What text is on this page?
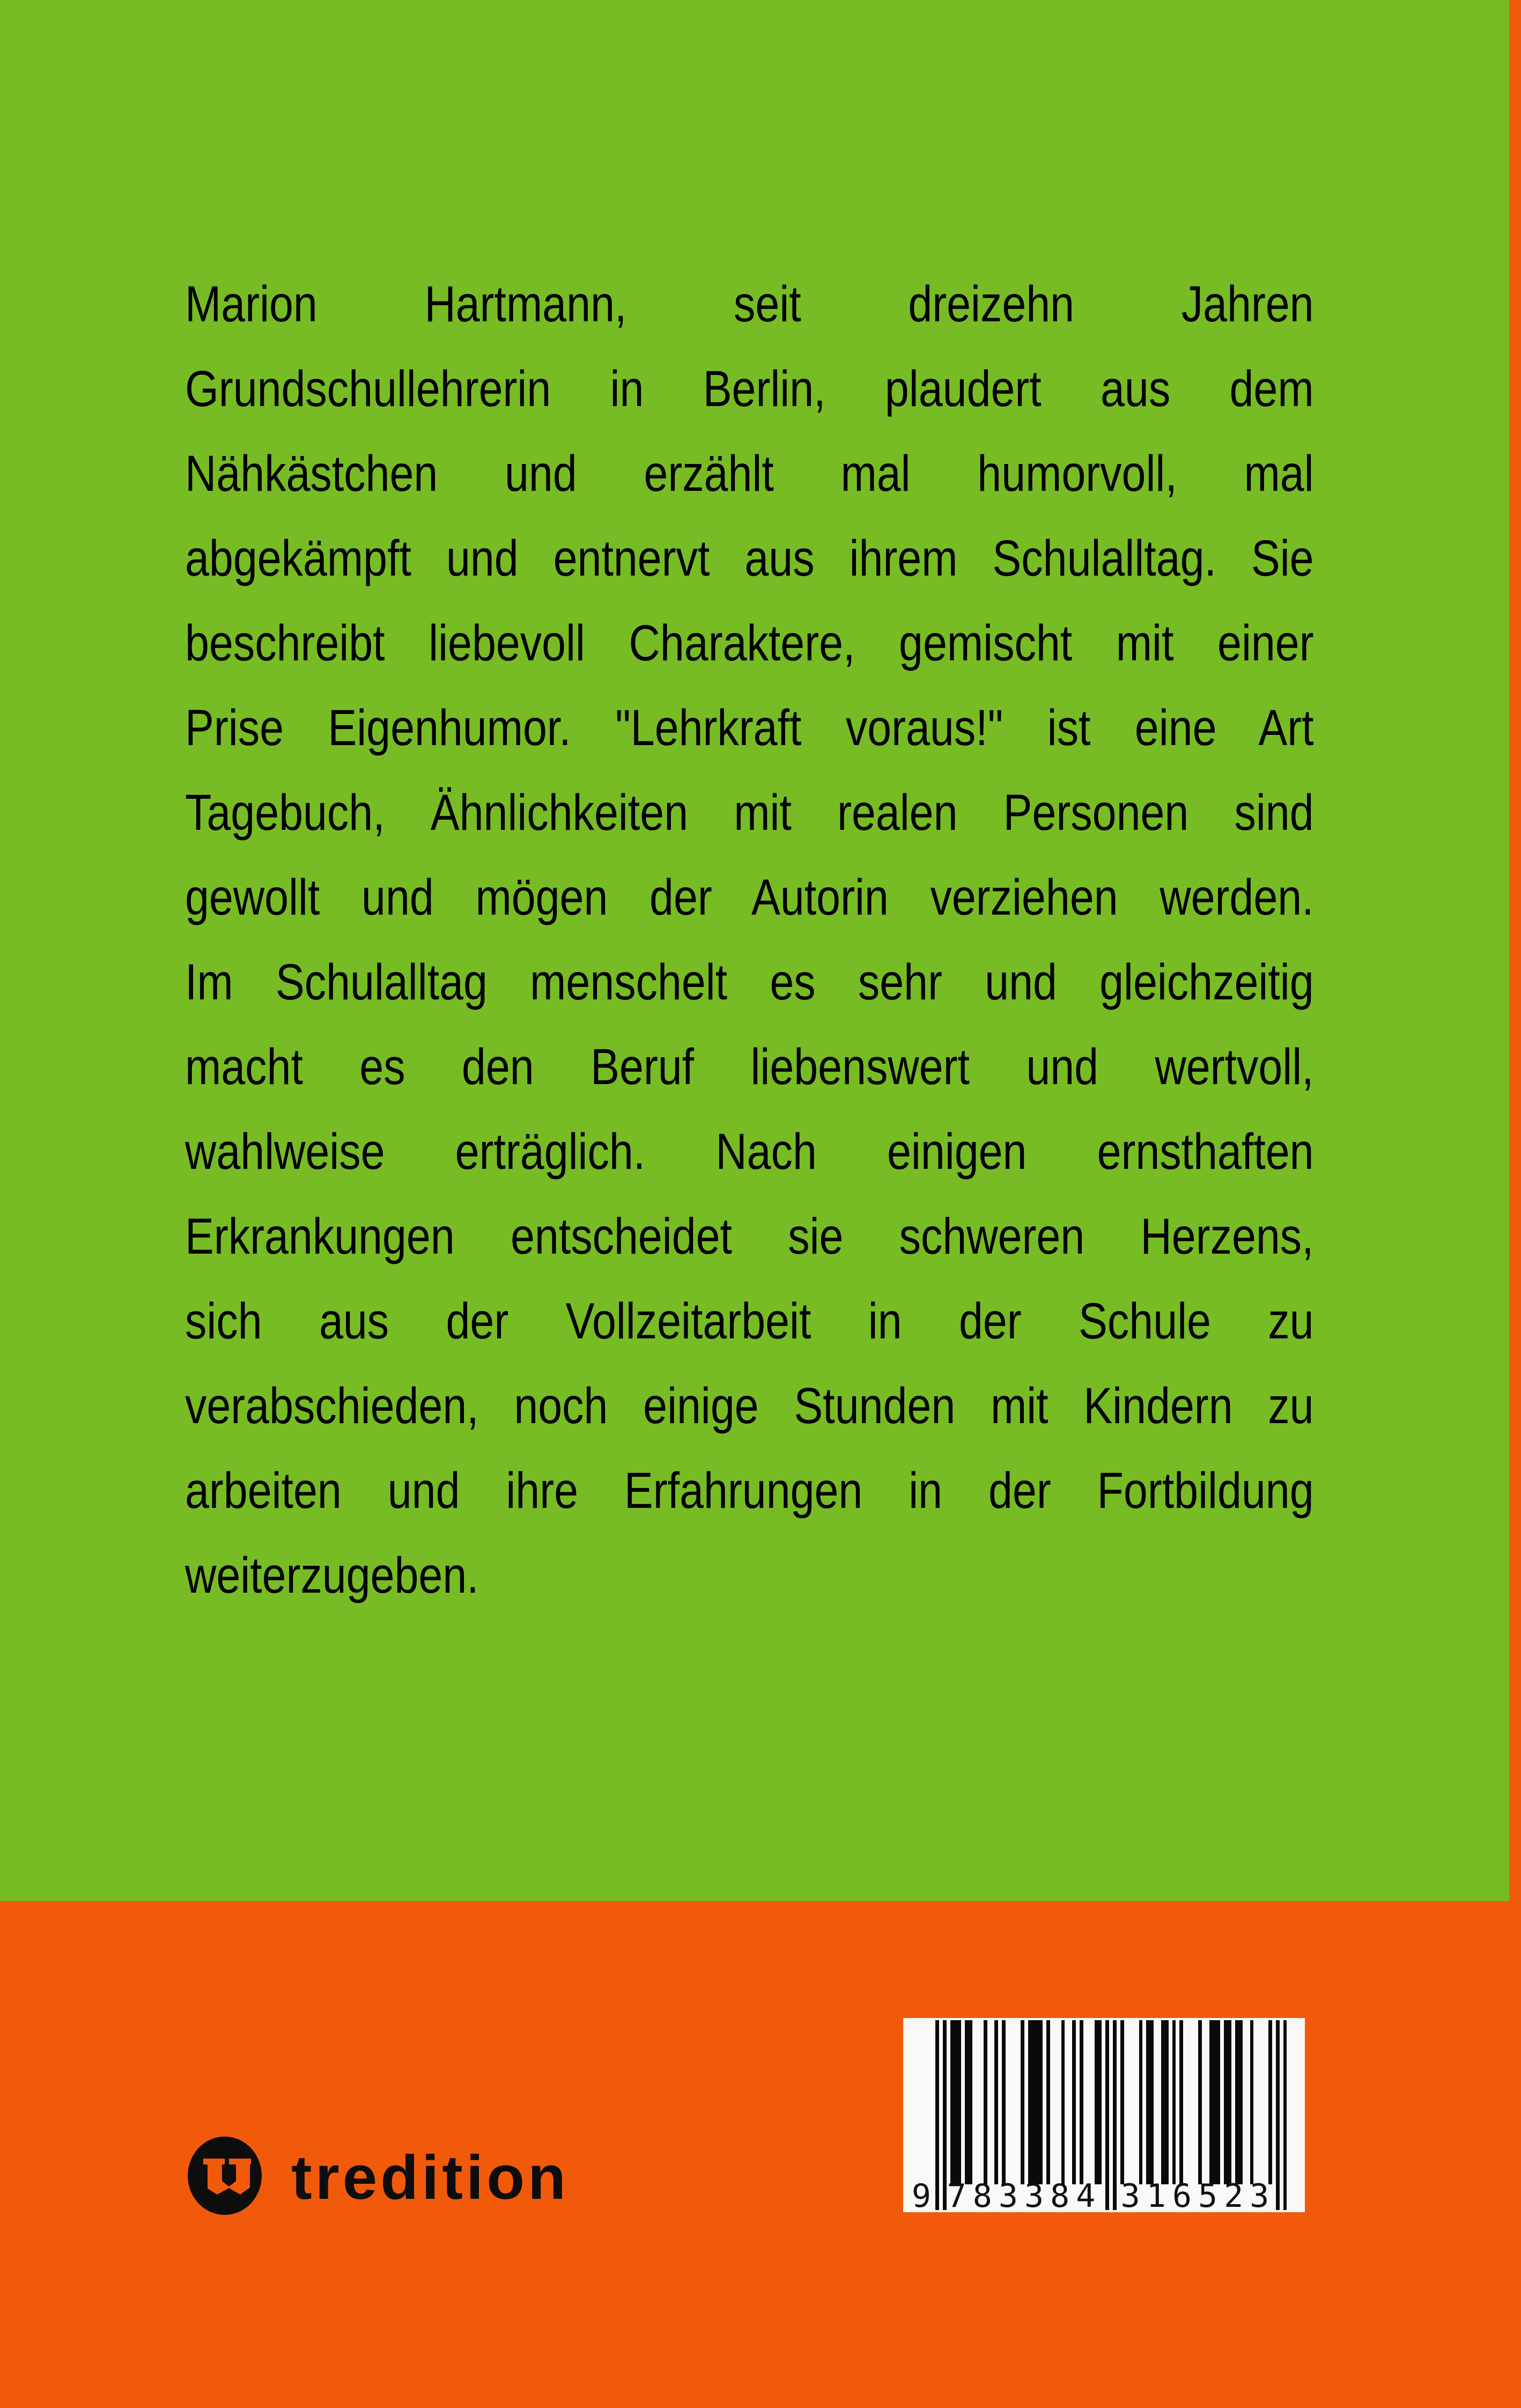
Marion Hartmann, seit dreizehn Jahren
Grundschullehrerin in Berlin, plaudert aus dem
Nähkästchen und erzählt mal humorvoll, mal
abgekämpft und entnervt aus ihrem Schulalltag. Sie
beschreibt liebevoll Charaktere, gemischt mit einer
Prise Eigenhumor. "Lehrkraft voraus!" ist eine Art
Tagebuch, Ähnlichkeiten mit realen Personen sind
gewollt und mögen der Autorin verziehen werden.
Im Schulalltag menschelt es sehr und gleichzeitig
macht es den Beruf liebenswert und wertvoll,
wahlweise erträglich. Nach einigen ernsthaften
Erkrankungen entscheidet sie schweren Herzens,
sich aus der Vollzeitarbeit in der Schule zu
verabschieden, noch einige Stunden mit Kindern zu
arbeiten und ihre Erfahrungen in der Fortbildung
weiterzugeben.
tredition	9 783384 316523
